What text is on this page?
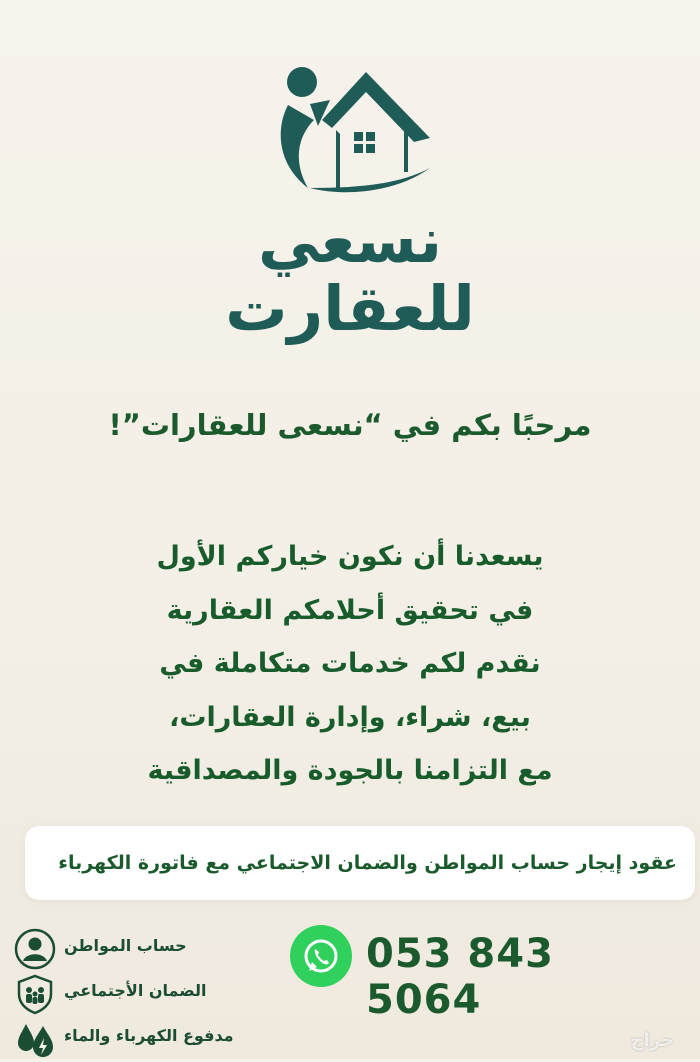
نسعي
للعقارت
مرحبًا بكم في “نسعى للعقارات”!
يسعدنا أن نكون خياركم الأول
في تحقيق أحلامكم العقارية
نقدم لكم خدمات متكاملة في
بيع، شراء، وإدارة العقارات،
مع التزامنا بالجودة والمصداقية
عقود إيجار حساب المواطن والضمان الاجتماعي مع فاتورة الكهرباء
حساب المواطن
الضمان الأجتماعي
مدفوع الكهرباء والماء
053 843 5064
حراج
